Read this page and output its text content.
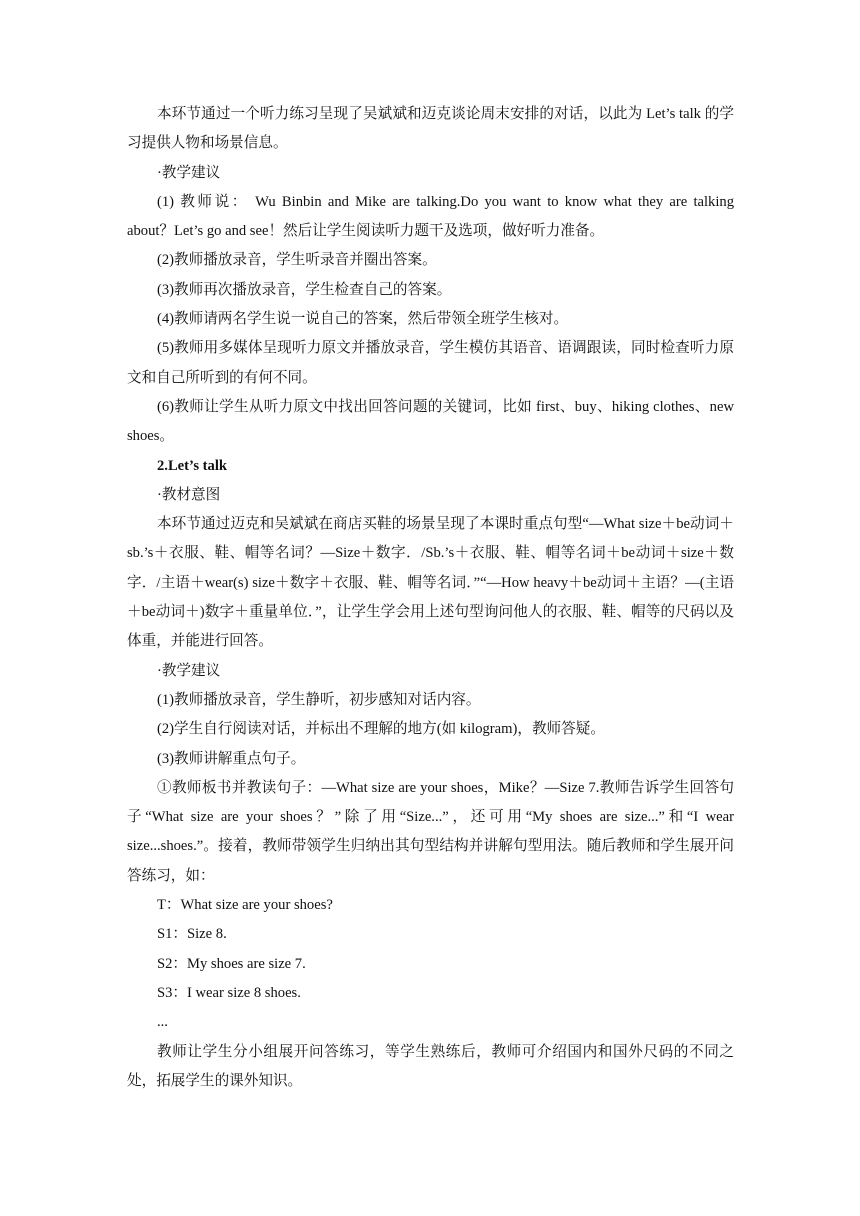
本环节通过一个听力练习呈现了吴斌斌和迈克谈论周末安排的对话，以此为 Let’s talk 的学习提供人物和场景信息。

·教学建议

(1) 教师说： Wu Binbin and Mike are talking.Do you want to know what they are talking about？Let’s go and see！然后让学生阅读听力题干及选项，做好听力准备。

(2)教师播放录音，学生听录音并圈出答案。

(3)教师再次播放录音，学生检查自己的答案。

(4)教师请两名学生说一说自己的答案，然后带领全班学生核对。

(5)教师用多媒体呈现听力原文并播放录音，学生模仿其语音、语调跟读，同时检查听力原文和自己所听到的有何不同。

(6)教师让学生从听力原文中找出回答问题的关键词，比如 first、buy、hiking clothes、new shoes。

2.Let’s talk

·教材意图

本环节通过迈克和吴斌斌在商店买鞋的场景呈现了本课时重点句型“—What size＋be动词＋sb.’s＋衣服、鞋、帽等名词？—Size＋数字．/Sb.’s＋衣服、鞋、帽等名词＋be动词＋size＋数字．/主语＋wear(s) size＋数字＋衣服、鞋、帽等名词．”“—How heavy＋be动词＋主语？—(主语＋be动词＋)数字＋重量单位．”，让学生学会用上述句型询问他人的衣服、鞋、帽等的尺码以及体重，并能进行回答。

·教学建议

(1)教师播放录音，学生静听，初步感知对话内容。

(2)学生自行阅读对话，并标出不理解的地方(如 kilogram)，教师答疑。

(3)教师讲解重点句子。

①教师板书并教读句子：—What size are your shoes，Mike？—Size 7.教师告诉学生回答句子“What size are your shoes？”除了用“Size...”，还可用“My shoes are size...”和“I wear size...shoes.”。接着，教师带领学生归纳出其句型结构并讲解句型用法。随后教师和学生展开问答练习，如：

T：What size are your shoes?

S1：Size 8.

S2：My shoes are size 7.

S3：I wear size 8 shoes.

...

教师让学生分小组展开问答练习，等学生熟练后，教师可介绍国内和国外尺码的不同之处，拓展学生的课外知识。
